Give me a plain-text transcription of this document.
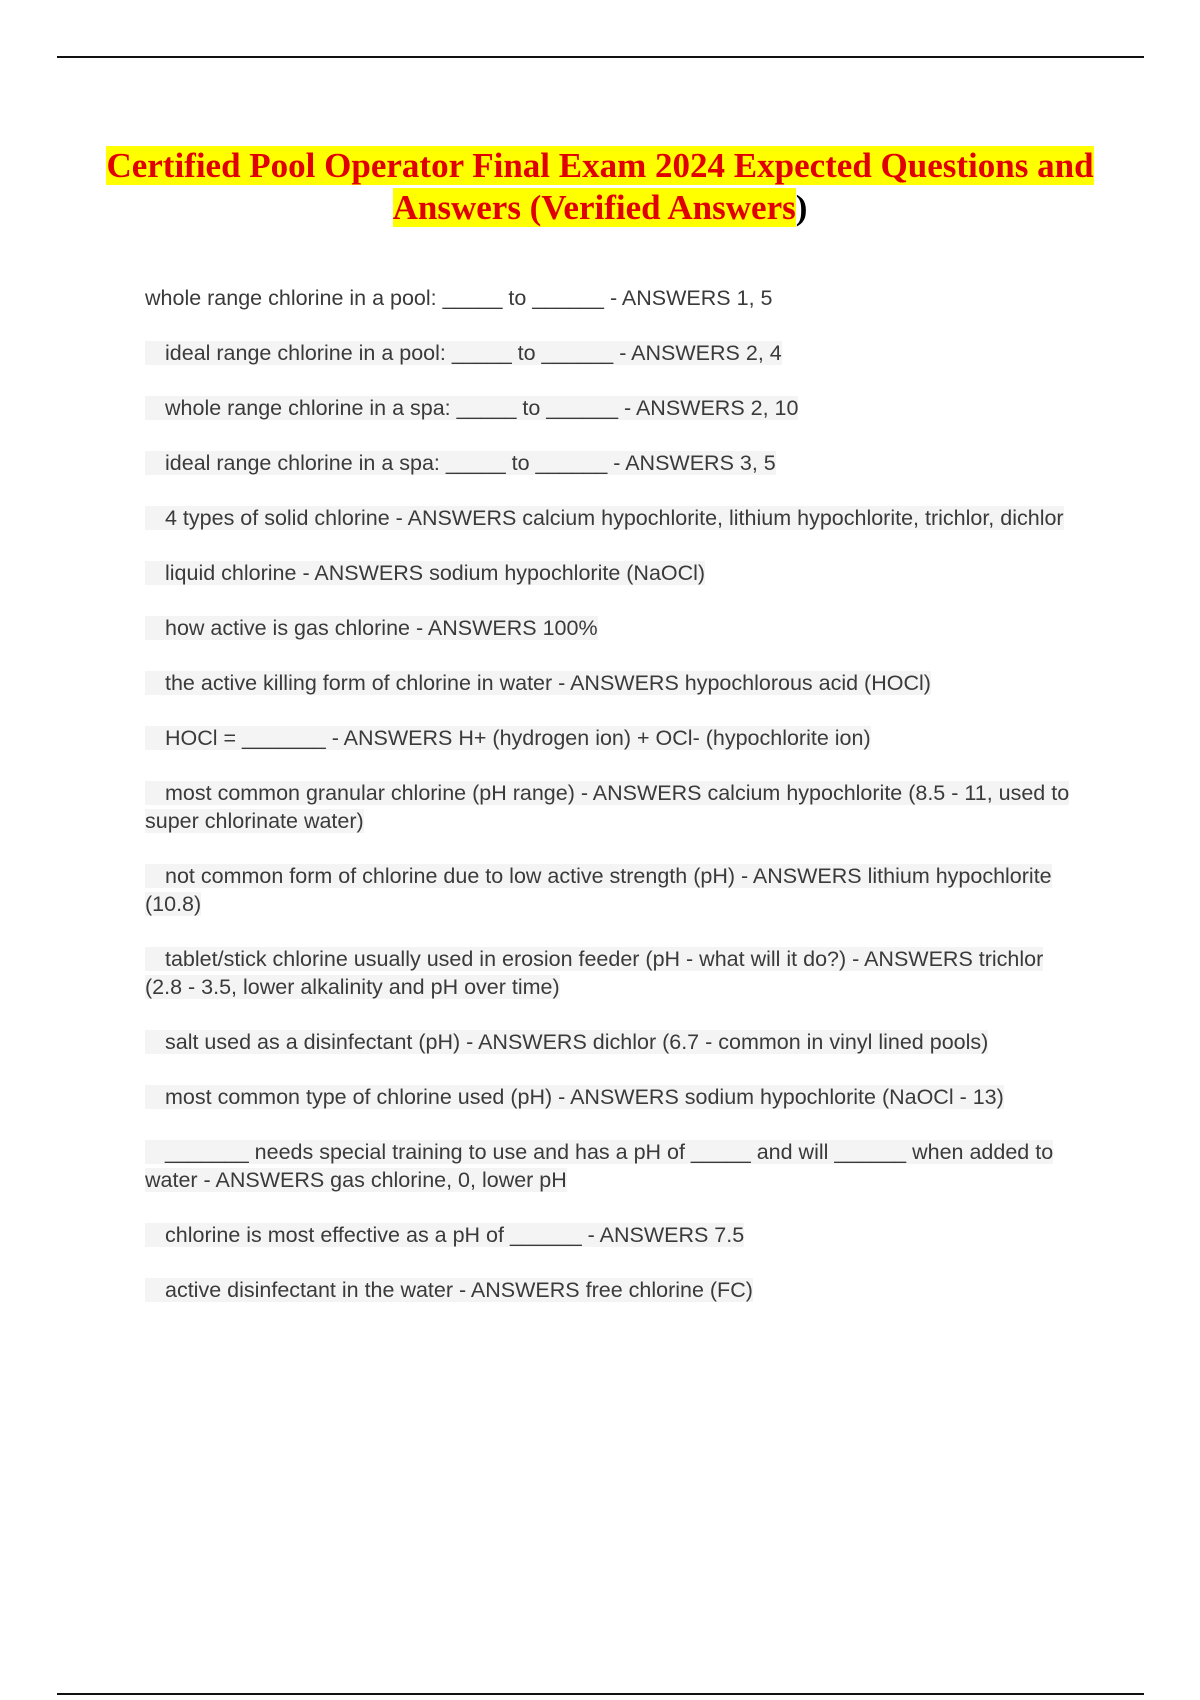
Certified Pool Operator Final Exam 2024 Expected Questions and Answers (Verified Answers)
whole range chlorine in a pool: _____ to ______ - ANSWERS 1, 5
ideal range chlorine in a pool: _____ to ______ - ANSWERS 2, 4
whole range chlorine in a spa: _____ to ______ - ANSWERS 2, 10
ideal range chlorine in a spa: _____ to ______ - ANSWERS 3, 5
4 types of solid chlorine - ANSWERS calcium hypochlorite, lithium hypochlorite, trichlor, dichlor
liquid chlorine - ANSWERS sodium hypochlorite (NaOCl)
how active is gas chlorine - ANSWERS 100%
the active killing form of chlorine in water - ANSWERS hypochlorous acid (HOCl)
HOCl = _______ - ANSWERS H+ (hydrogen ion) + OCl- (hypochlorite ion)
most common granular chlorine (pH range) - ANSWERS calcium hypochlorite (8.5 - 11, used to super chlorinate water)
not common form of chlorine due to low active strength (pH) - ANSWERS lithium hypochlorite (10.8)
tablet/stick chlorine usually used in erosion feeder (pH - what will it do?) - ANSWERS trichlor (2.8 - 3.5, lower alkalinity and pH over time)
salt used as a disinfectant (pH) - ANSWERS dichlor (6.7 - common in vinyl lined pools)
most common type of chlorine used (pH) - ANSWERS sodium hypochlorite (NaOCl - 13)
_______ needs special training to use and has a pH of _____ and will ______ when added to water - ANSWERS gas chlorine, 0, lower pH
chlorine is most effective as a pH of ______ - ANSWERS 7.5
active disinfectant in the water - ANSWERS free chlorine (FC)
